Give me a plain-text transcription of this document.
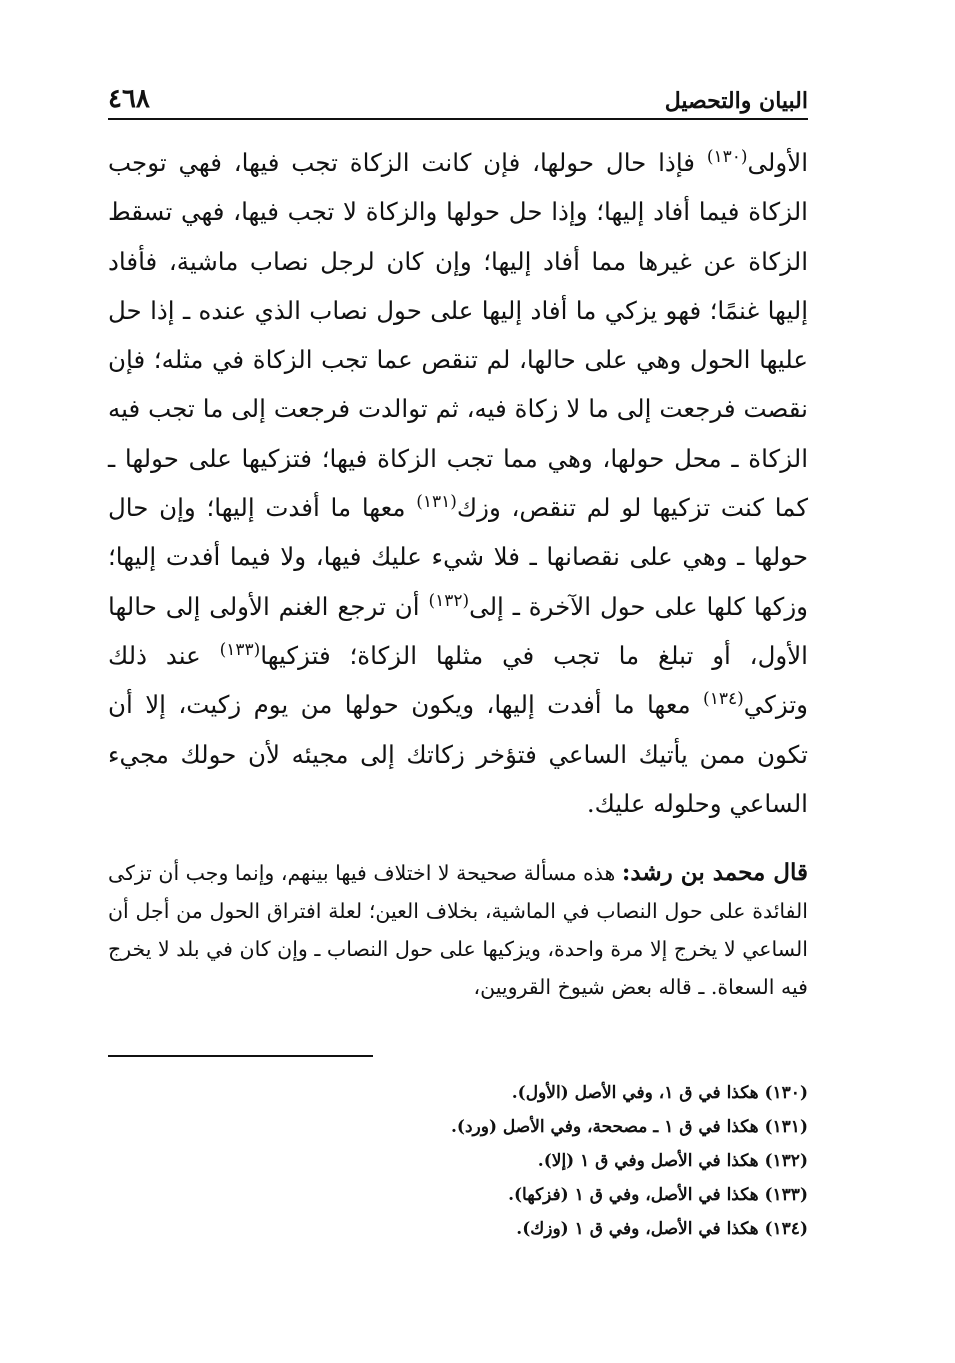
البيان والتحصيل
٤٦٨
الأولى$^{(١٣٠)}$ فإذا حال حولها، فإن كانت الزكاة تجب فيها، فهي توجب الزكاة فيما أفاد إليها؛ وإذا حل حولها والزكاة لا تجب فيها، فهي تسقط الزكاة عن غيرها مما أفاد إليها؛ وإن كان لرجل نصاب ماشية، فأفاد إليها غنمًا؛ فهو يزكي ما أفاد إليها على حول نصاب الذي عنده ـ إذا حل عليها الحول وهي على حالها، لم تنقص عما تجب الزكاة في مثله؛ فإن نقصت فرجعت إلى ما لا زكاة فيه، ثم توالدت فرجعت إلى ما تجب فيه الزكاة ـ محل حولها، وهي مما تجب الزكاة فيها؛ فتزكيها على حولها ـ كما كنت تزكيها لو لم تنقص، وزك$^{(١٣١)}$ معها ما أفدت إليها؛ وإن حال حولها ـ وهي على نقصانها ـ فلا شيء عليك فيها، ولا فيما أفدت إليها؛ وزكها كلها على حول الآخرة ـ إلى$^{(١٣٢)}$ أن ترجع الغنم الأولى إلى حالها الأول، أو تبلغ ما تجب في مثلها الزكاة؛ فتزكيها$^{(١٣٣)}$ عند ذلك وتزكي$^{(١٣٤)}$ معها ما أفدت إليها، ويكون حولها من يوم زكيت، إلا أن تكون ممن يأتيك الساعي فتؤخر زكاتك إلى مجيئه لأن حولك مجيء الساعي وحلوله عليك.
قال محمد بن رشد: هذه مسألة صحيحة لا اختلاف فيها بينهم، وإنما وجب أن تزكى الفائدة على حول النصاب في الماشية، بخلاف العين؛ لعلة افتراق الحول من أجل أن الساعي لا يخرج إلا مرة واحدة، ويزكيها على حول النصاب ـ وإن كان في بلد لا يخرج فيه السعاة. ـ قاله بعض شيوخ القرويين،
(١٣٠) هكذا في ق ١، وفي الأصل (الأول).
(١٣١) هكذا في ق ١ ـ مصححة، وفي الأصل (ورد).
(١٣٢) هكذا في الأصل وفي ق ١ (إلا).
(١٣٣) هكذا في الأصل، وفي ق ١ (فزكها).
(١٣٤) هكذا في الأصل، وفي ق ١ (وزك).
